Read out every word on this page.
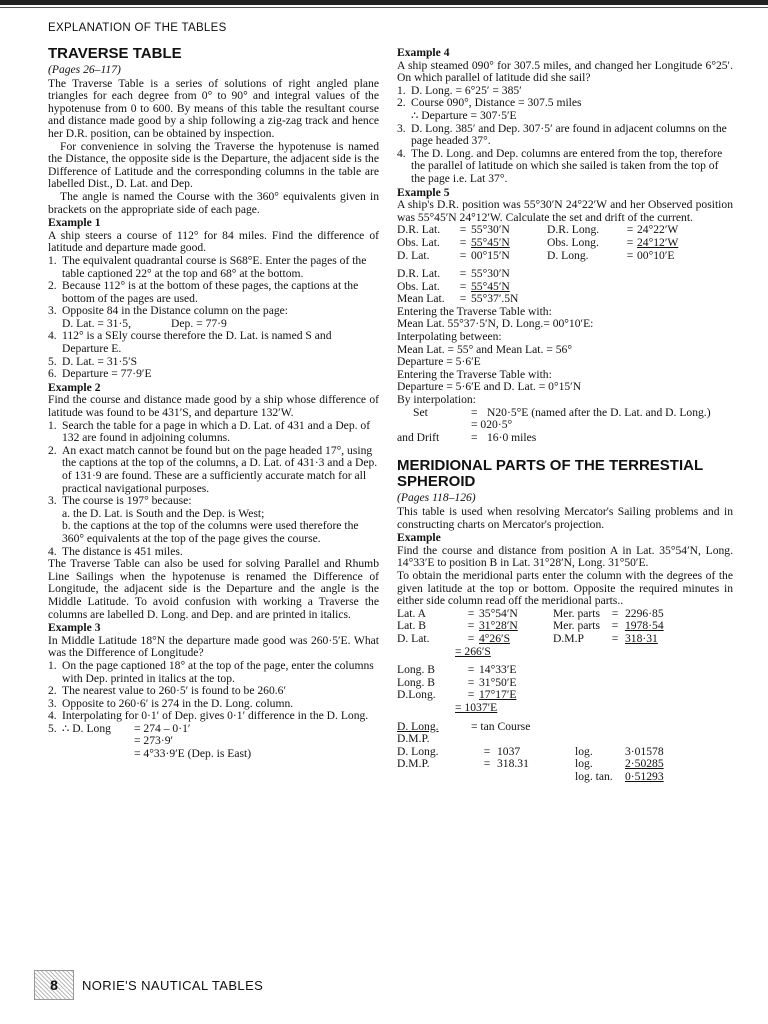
EXPLANATION OF THE TABLES
TRAVERSE TABLE
(Pages 26–117)

The Traverse Table is a series of solutions of right angled plane triangles for each degree from 0° to 90° and integral values of the hypotenuse from 0 to 600. By means of this table the resultant course and distance made good by a ship following a zig-zag track and hence her D.R. position, can be obtained by inspection.

For convenience in solving the Traverse the hypotenuse is named the Distance, the opposite side is the Departure, the adjacent side is the Difference of Latitude and the corresponding columns in the table are labelled Dist., D. Lat. and Dep.

The angle is named the Course with the 360° equivalents given in brackets on the appropriate side of each page.

Example 1

A ship steers a course of 112° for 84 miles. Find the difference of latitude and departure made good.

1. The equivalent quadrantal course is S68°E. Enter the pages of the table captioned 22° at the top and 68° at the bottom.
2. Because 112° is at the bottom of these pages, the captions at the bottom of the pages are used.
3. Opposite 84 in the Distance column on the page:
D. Lat. = 31·5,	Dep. = 77·9
4. 112° is a SEly course therefore the D. Lat. is named S and Departure E.
5. D. Lat. = 31·5′S
6. Departure = 77·9′E
Example 2

Find the course and distance made good by a ship whose difference of latitude was found to be 431′S, and departure 132′W.

1. Search the table for a page in which a D. Lat. of 431 and a Dep. of 132 are found in adjoining columns.
2. An exact match cannot be found but on the page headed 17°, using the captions at the top of the columns, a D. Lat. of 431·3 and a Dep. of 131·9 are found. These are a sufficiently accurate match for all practical navigational purposes.
3. The course is 197° because:
a. the D. Lat. is South and the Dep. is West;
b. the captions at the top of the columns were used therefore the 360° equivalents at the top of the page gives the course.
4. The distance is 451 miles.

The Traverse Table can also be used for solving Parallel and Rhumb Line Sailings when the hypotenuse is renamed the Difference of Longitude, the adjacent side is the Departure and the angle is the Middle Latitude. To avoid confusion with working a Traverse the columns are labelled D. Long. and Dep. and are printed in italics.

Example 3

In Middle Latitude 18°N the departure made good was 260·5′E. What was the Difference of Longitude?

1. On the page captioned 18° at the top of the page, enter the columns with Dep. printed in italics at the top.
2. The nearest value to 260·5′ is found to be 260.6′
3. Opposite to 260·6′ is 274 in the D. Long. column.
4. Interpolating for 0·1′ of Dep. gives 0·1′ difference in the D. Long.
5. ∴ D. Long	= 274 – 0·1′
= 273·9′
= 4°33·9′E (Dep. is East)
Example 4

A ship steamed 090° for 307.5 miles, and changed her Longitude 6°25′. On which parallel of latitude did she sail?

1. D. Long. = 6°25′ = 385′
2. Course 090°, Distance = 307.5 miles
∴ Departure = 307·5′E
3. D. Long. 385′ and Dep. 307·5′ are found in adjacent columns on the page headed 37°.
4. The D. Long. and Dep. columns are entered from the top, therefore the parallel of latitude on which she sailed is taken from the top of the page i.e. Lat 37°.
Example 5

A ship's D.R. position was 55°30′N 24°22′W and her Observed position was 55°45′N 24°12′W. Calculate the set and drift of the current.

D.R. Lat.	= 55°30′N	D.R. Long.	= 24°22′W
Obs. Lat.	= 55°45′N	Obs. Long.	= 24°12′W
D. Lat.	= 00°15′N	D. Long.	= 00°10′E
D.R. Lat.	= 55°30′N
Obs. Lat.	= 55°45′N
Mean Lat.	= 55°37′.5N
Entering the Traverse Table with:
Mean Lat. 55°37·5′N, D. Long.= 00°10′E:
Interpolating between:
Mean Lat. = 55° and Mean Lat. = 56°
Departure = 5·6′E
Entering the Traverse Table with:
Departure = 5·6′E and D. Lat. = 0°15′N
By interpolation:
Set	= N20·5°E (named after the D. Lat. and D. Long.)
= 020·5°
and Drift	= 16·0 miles
MERIDIONAL PARTS OF THE TERRESTIAL SPHEROID
(Pages 118–126)

This table is used when resolving Mercator's Sailing problems and in constructing charts on Mercator's projection.

Example

Find the course and distance from position A in Lat. 35°54′N, Long. 14°33′E to position B in Lat. 31°28′N, Long. 31°50′E.

To obtain the meridional parts enter the column with the degrees of the given latitude at the top or bottom. Opposite the required minutes in either side column read off the meridional parts..

Lat. A	= 35°54′N	Mer. parts	= 2296·85
Lat. B	= 31°28′N	Mer. parts	= 1978·54
D. Lat.	= 4°26′S	D.M.P	= 318·31
= 266′S
Long. B	= 14°33′E
Long. B	= 31°50′E
D.Long.	= 17°17′E
= 1037′E
D. Long.	= tan Course
D.M.P.
D. Long.	= 1037	log.	3·01578
D.M.P.	= 318.31	log.	2·50285
log. tan.	0·51293
8	NORIE'S NAUTICAL TABLES
